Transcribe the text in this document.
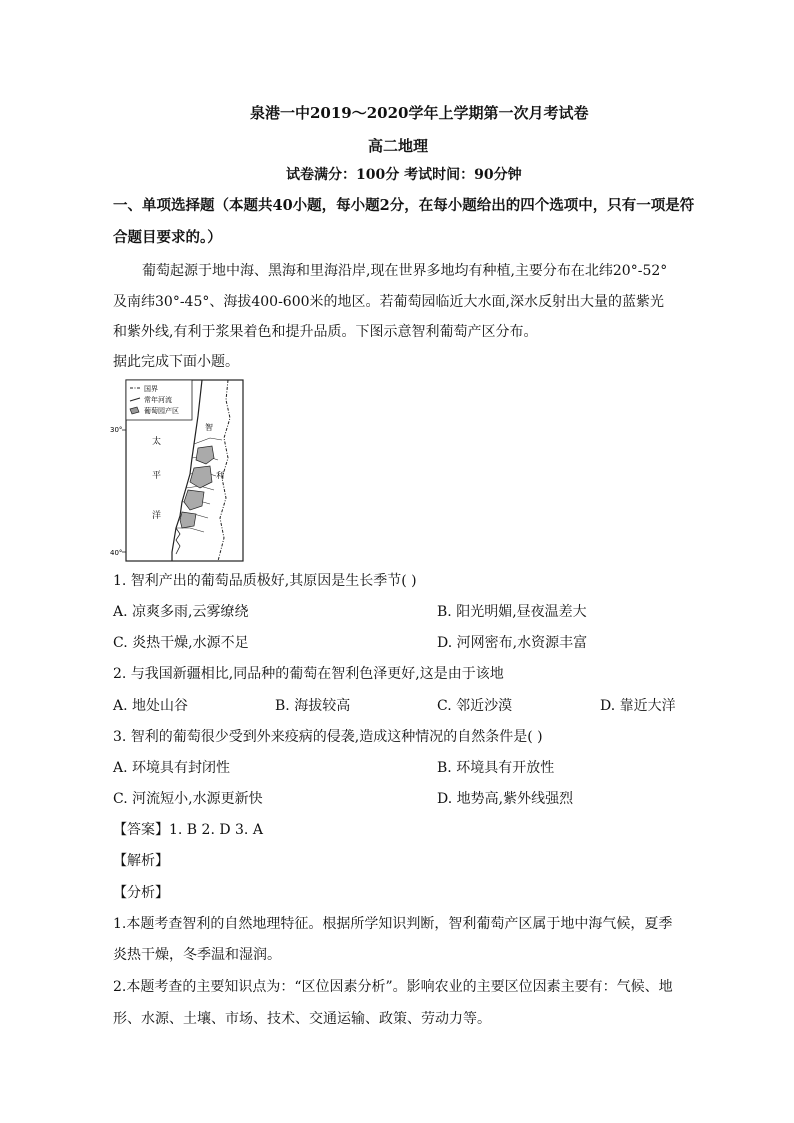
泉港一中2019～2020学年上学期第一次月考试卷
高二地理
试卷满分：100分 考试时间：90分钟
一、单项选择题（本题共40小题，每小题2分，在每小题给出的四个选项中，只有一项是符
合题目要求的。）
葡萄起源于地中海、黑海和里海沿岸,现在世界多地均有种植,主要分布在北纬20°-52°
及南纬30°-45°、海拔400-600米的地区。若葡萄园临近大水面,深水反射出大量的蓝紫光
和紫外线,有利于浆果着色和提升品质。下图示意智利葡萄产区分布。
据此完成下面小题。
国界
常年河流
葡萄园产区
30°
40°
太
平
洋
智
利
1. 智利产出的葡萄品质极好,其原因是生长季节( )
A. 凉爽多雨,云雾缭绕	B. 阳光明媚,昼夜温差大
C. 炎热干燥,水源不足	D. 河网密布,水资源丰富
2. 与我国新疆相比,同品种的葡萄在智利色泽更好,这是由于该地
A. 地处山谷	B. 海拔较高	C. 邻近沙漠	D. 靠近大洋
3. 智利的葡萄很少受到外来疫病的侵袭,造成这种情况的自然条件是( )
A. 环境具有封闭性	B. 环境具有开放性
C. 河流短小,水源更新快	D. 地势高,紫外线强烈
【答案】1. B 2. D 3. A
【解析】
【分析】
1.本题考查智利的自然地理特征。根据所学知识判断，智利葡萄产区属于地中海气候，夏季
炎热干燥，冬季温和湿润。
2.本题考查的主要知识点为：“区位因素分析”。影响农业的主要区位因素主要有：气候、地
形、水源、土壤、市场、技术、交通运输、政策、劳动力等。
